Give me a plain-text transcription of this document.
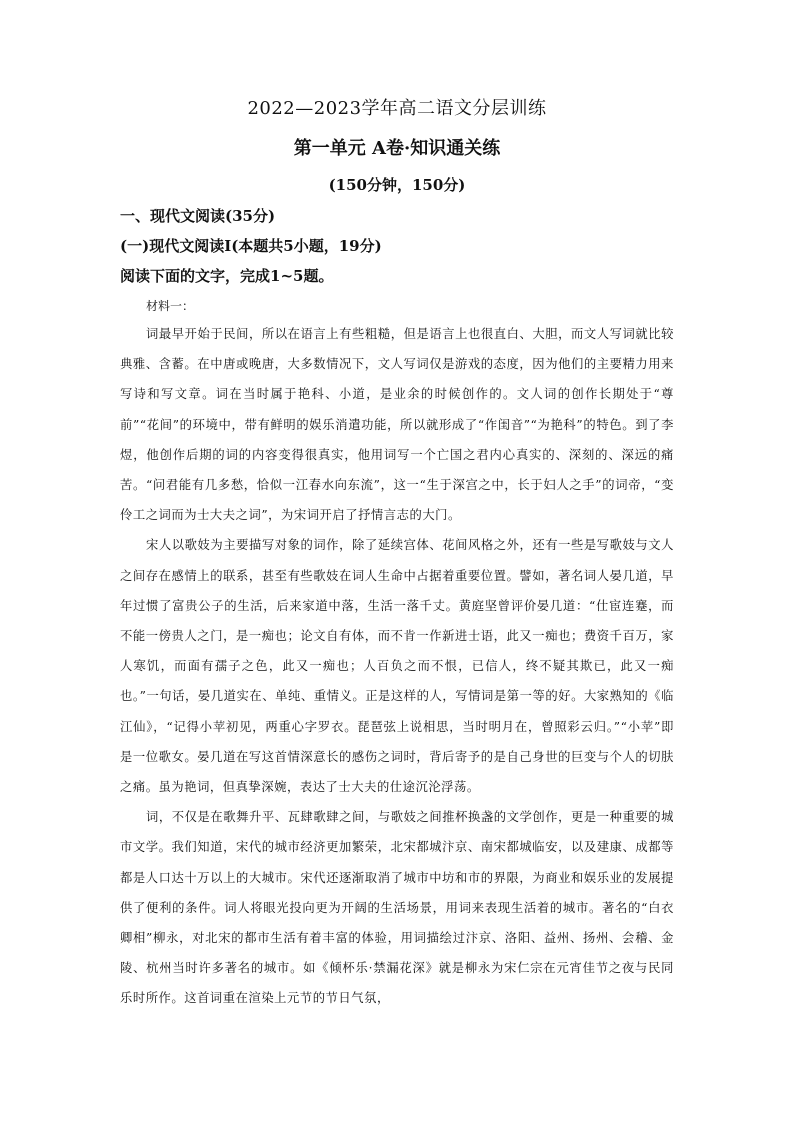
2022—2023学年高二语文分层训练
第一单元 A卷·知识通关练
(150分钟，150分)
一、现代文阅读(35分)
(一)现代文阅读Ⅰ(本题共5小题，19分)
阅读下面的文字，完成1~5题。
材料一：

词最早开始于民间，所以在语言上有些粗糙，但是语言上也很直白、大胆，而文人写词就比较典雅、含蓄。在中唐或晚唐，大多数情况下，文人写词仅是游戏的态度，因为他们的主要精力用来写诗和写文章。词在当时属于艳科、小道，是业余的时候创作的。文人词的创作长期处于“尊前”“花间”的环境中，带有鲜明的娱乐消遣功能，所以就形成了“作闺音”“为艳科”的特色。到了李煜，他创作后期的词的内容变得很真实，他用词写一个亡国之君内心真实的、深刻的、深远的痛苦。“问君能有几多愁，恰似一江春水向东流”，这一“生于深宫之中，长于妇人之手”的词帝，“变伶工之词而为士大夫之词”，为宋词开启了抒情言志的大门。

宋人以歌妓为主要描写对象的词作，除了延续宫体、花间风格之外，还有一些是写歌妓与文人之间存在感情上的联系，甚至有些歌妓在词人生命中占据着重要位置。譬如，著名词人晏几道，早年过惯了富贵公子的生活，后来家道中落，生活一落千丈。黄庭坚曾评价晏几道：“仕宦连蹇，而不能一傍贵人之门，是一痴也；论文自有体，而不肯一作新进士语，此又一痴也；费资千百万，家人寒饥，而面有孺子之色，此又一痴也；人百负之而不恨，已信人，终不疑其欺已，此又一痴也。”一句话，晏几道实在、单纯、重情义。正是这样的人，写情词是第一等的好。大家熟知的《临江仙》，“记得小苹初见，两重心字罗衣。琵琶弦上说相思，当时明月在，曾照彩云归。”“小苹”即是一位歌女。晏几道在写这首情深意长的感伤之词时，背后寄予的是自己身世的巨变与个人的切肤之痛。虽为艳词，但真挚深婉，表达了士大夫的仕途沉沦浮荡。

词，不仅是在歌舞升平、瓦肆歌肆之间，与歌妓之间推杯换盏的文学创作，更是一种重要的城市文学。我们知道，宋代的城市经济更加繁荣，北宋都城汴京、南宋都城临安，以及建康、成都等都是人口达十万以上的大城市。宋代还逐渐取消了城市中坊和市的界限，为商业和娱乐业的发展提供了便利的条件。词人将眼光投向更为开阔的生活场景，用词来表现生活着的城市。著名的“白衣卿相”柳永，对北宋的都市生活有着丰富的体验，用词描绘过汴京、洛阳、益州、扬州、会稽、金陵、杭州当时许多著名的城市。如《倾杯乐·禁漏花深》就是柳永为宋仁宗在元宵佳节之夜与民同乐时所作。这首词重在渲染上元节的节日气氛，
